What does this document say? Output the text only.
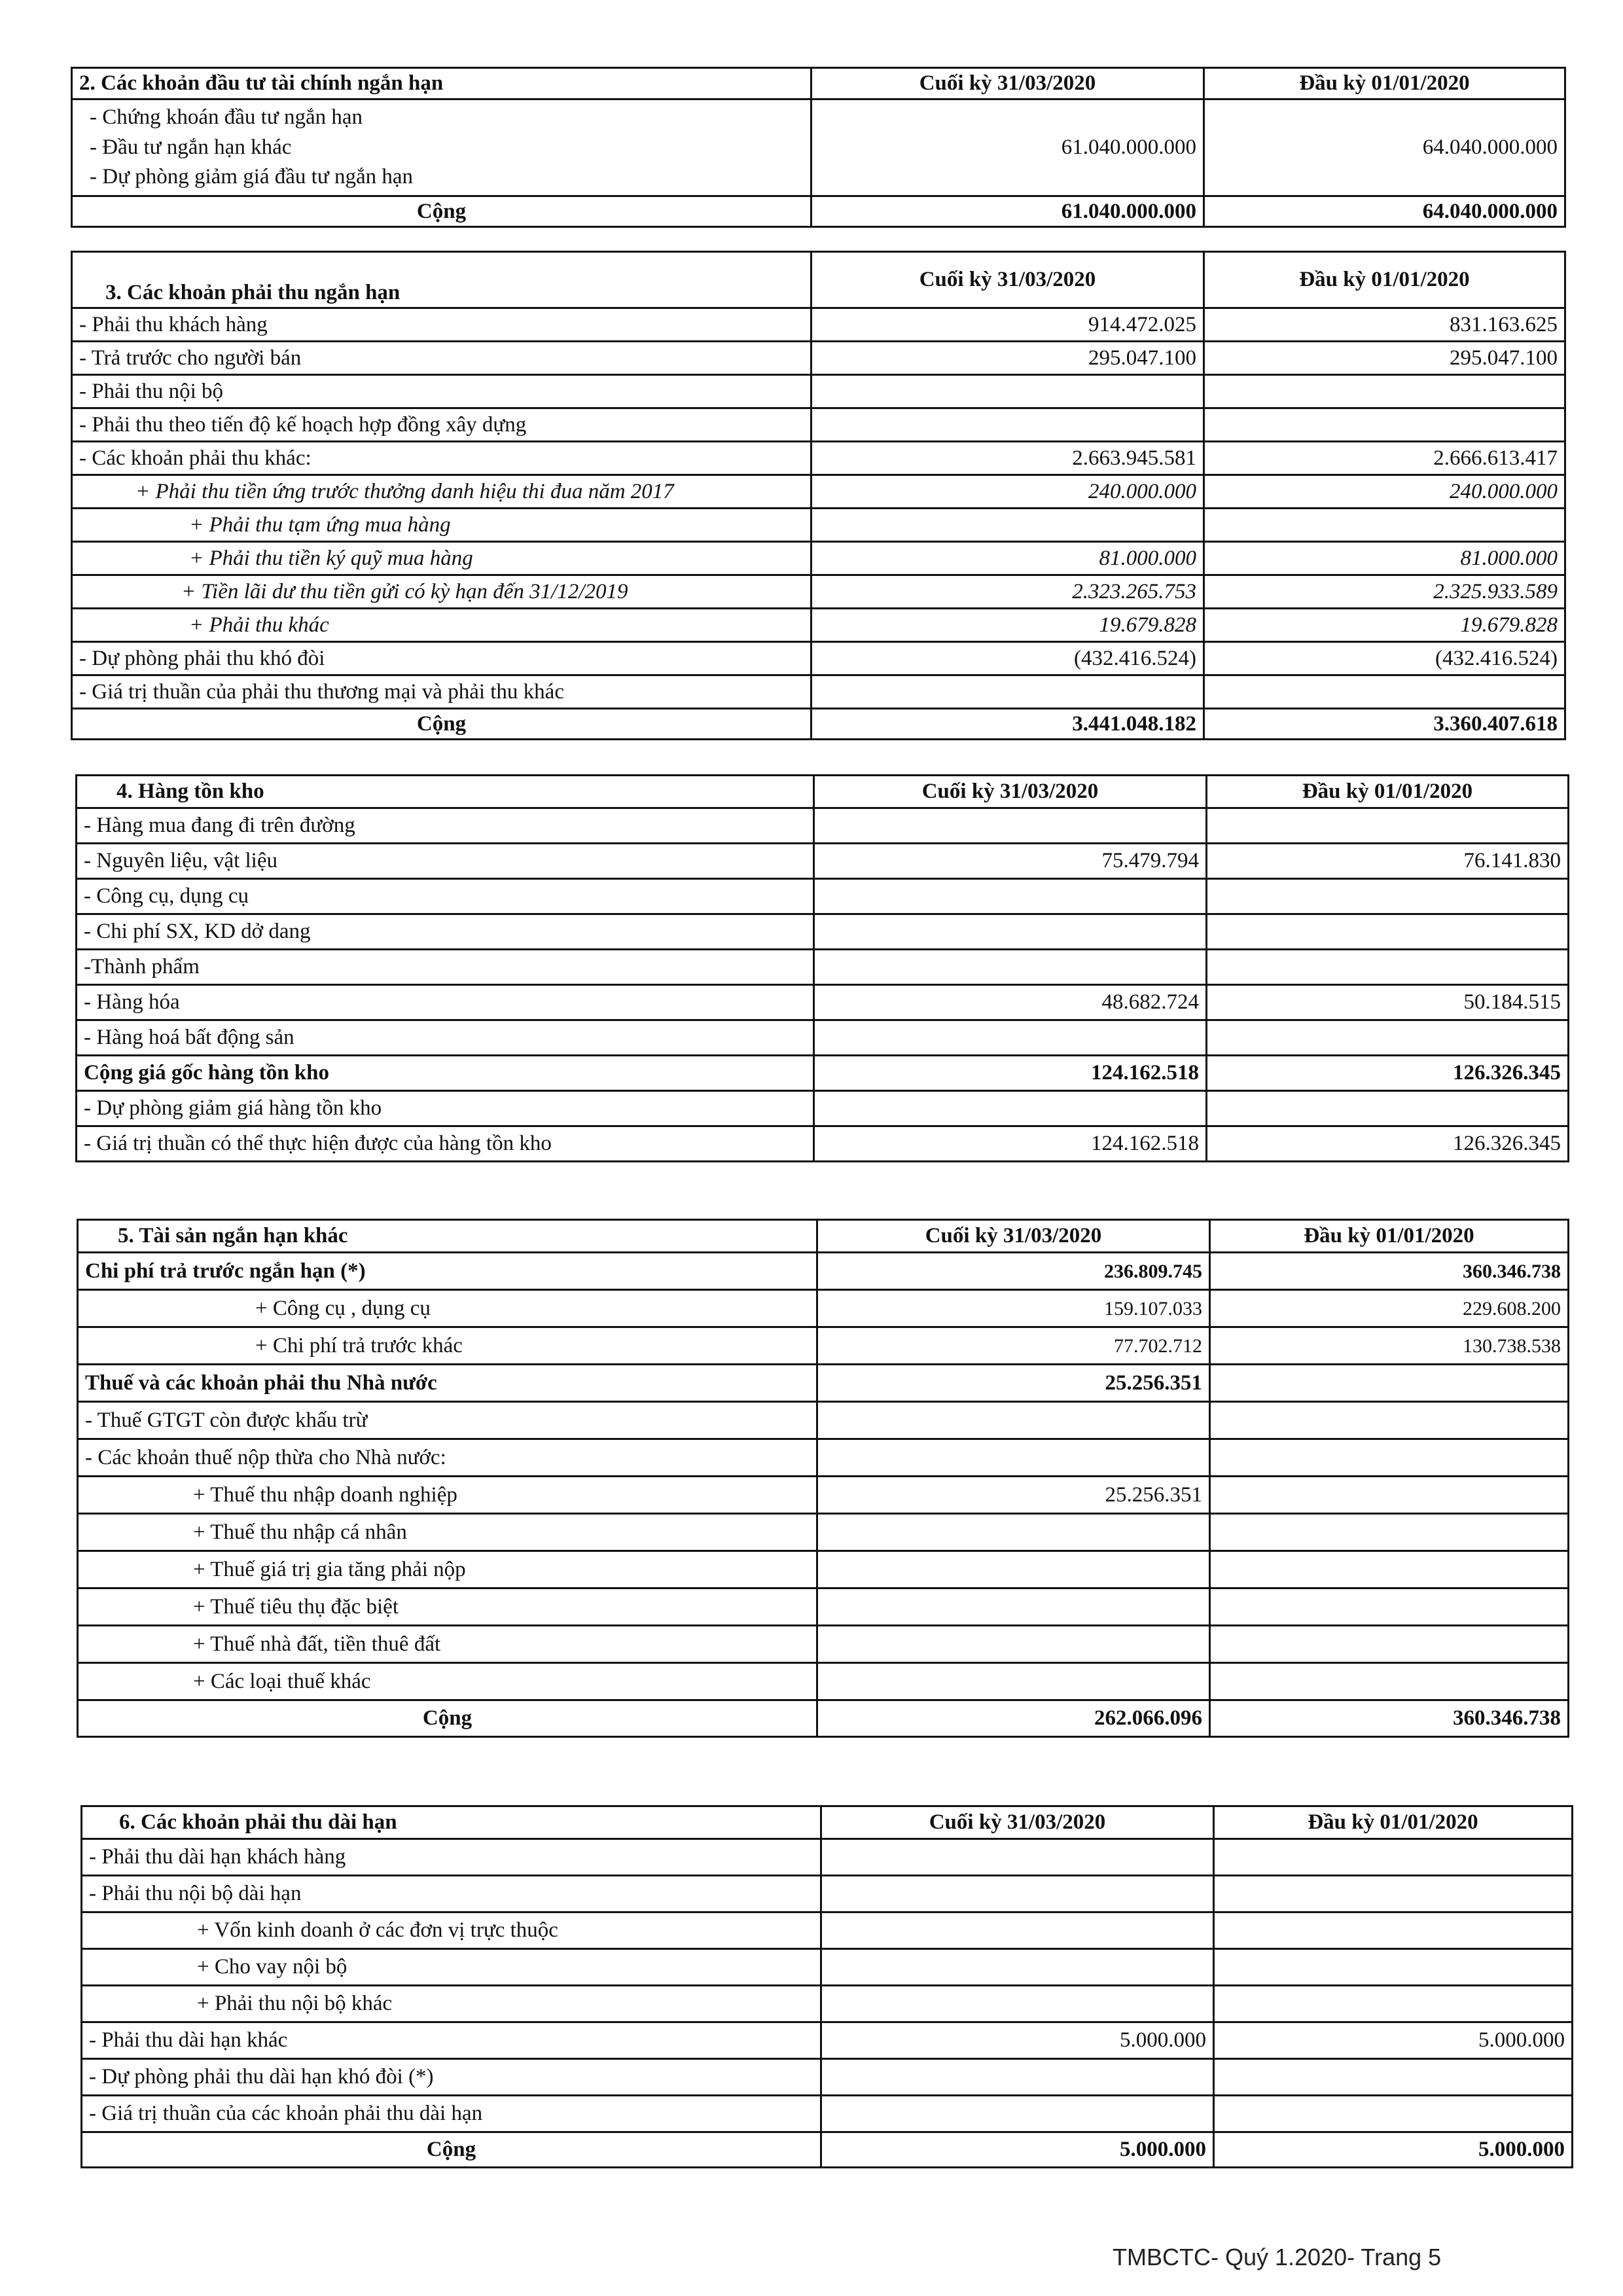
2. Các khoản đầu tư tài chính ngắn hạn	Cuối kỳ 31/03/2020	Đầu kỳ 01/01/2020

- Chứng khoán đầu tư ngắn hạn
- Đầu tư ngắn hạn khác
- Dự phòng giảm giá đầu tư ngắn hạn	61.040.000.000	64.040.000.000
Cộng	61.040.000.000	64.040.000.000
3. Các khoản phải thu ngắn hạn	Cuối kỳ 31/03/2020	Đầu kỳ 01/01/2020
- Phải thu khách hàng	914.472.025	831.163.625
- Trả trước cho người bán	295.047.100	295.047.100
- Phải thu nội bộ		
- Phải thu theo tiến độ kế hoạch hợp đồng xây dựng		
- Các khoản phải thu khác:	2.663.945.581	2.666.613.417
+ Phải thu tiền ứng trước thưởng danh hiệu thi đua năm 2017	240.000.000	240.000.000
+ Phải thu tạm ứng mua hàng		
+ Phải thu tiền ký quỹ mua hàng	81.000.000	81.000.000
+ Tiền lãi dư thu tiền gửi có kỳ hạn đến 31/12/2019	2.323.265.753	2.325.933.589
+ Phải thu khác	19.679.828	19.679.828
- Dự phòng phải thu khó đòi	(432.416.524)	(432.416.524)
- Giá trị thuần của phải thu thương mại và phải thu khác		
Cộng	3.441.048.182	3.360.407.618
4. Hàng tồn kho	Cuối kỳ 31/03/2020	Đầu kỳ 01/01/2020
- Hàng mua đang đi trên đường		
- Nguyên liệu, vật liệu	75.479.794	76.141.830
- Công cụ, dụng cụ		
- Chi phí SX, KD dở dang		
-Thành phẩm		
- Hàng hóa	48.682.724	50.184.515
- Hàng hoá bất động sản		
Cộng giá gốc hàng tồn kho	124.162.518	126.326.345
- Dự phòng giảm giá hàng tồn kho		
- Giá trị thuần có thể thực hiện được của hàng tồn kho	124.162.518	126.326.345
5. Tài sản ngắn hạn khác	Cuối kỳ 31/03/2020	Đầu kỳ 01/01/2020
Chi phí trả trước ngắn hạn (*)	236.809.745	360.346.738
+ Công cụ , dụng cụ	159.107.033	229.608.200
+ Chi phí trả trước khác	77.702.712	130.738.538
Thuế và các khoản phải thu Nhà nước	25.256.351	
- Thuế GTGT còn được khấu trừ		
- Các khoản thuế nộp thừa cho Nhà nước:		
+ Thuế thu nhập doanh nghiệp	25.256.351	
+ Thuế thu nhập cá nhân		
+ Thuế giá trị gia tăng phải nộp		
+ Thuế tiêu thụ đặc biệt		
+ Thuế nhà đất, tiền thuê đất		
+ Các loại thuế khác		
Cộng	262.066.096	360.346.738
6. Các khoản phải thu dài hạn	Cuối kỳ 31/03/2020	Đầu kỳ 01/01/2020
- Phải thu dài hạn khách hàng		
- Phải thu nội bộ dài hạn		
+ Vốn kinh doanh ở các đơn vị trực thuộc		
+ Cho vay nội bộ		
+ Phải thu nội bộ khác		
- Phải thu dài hạn khác	5.000.000	5.000.000
- Dự phòng phải thu dài hạn khó đòi (*)		
- Giá trị thuần của các khoản phải thu dài hạn		
Cộng	5.000.000	5.000.000
TMBCTC- Quý 1.2020- Trang 5
